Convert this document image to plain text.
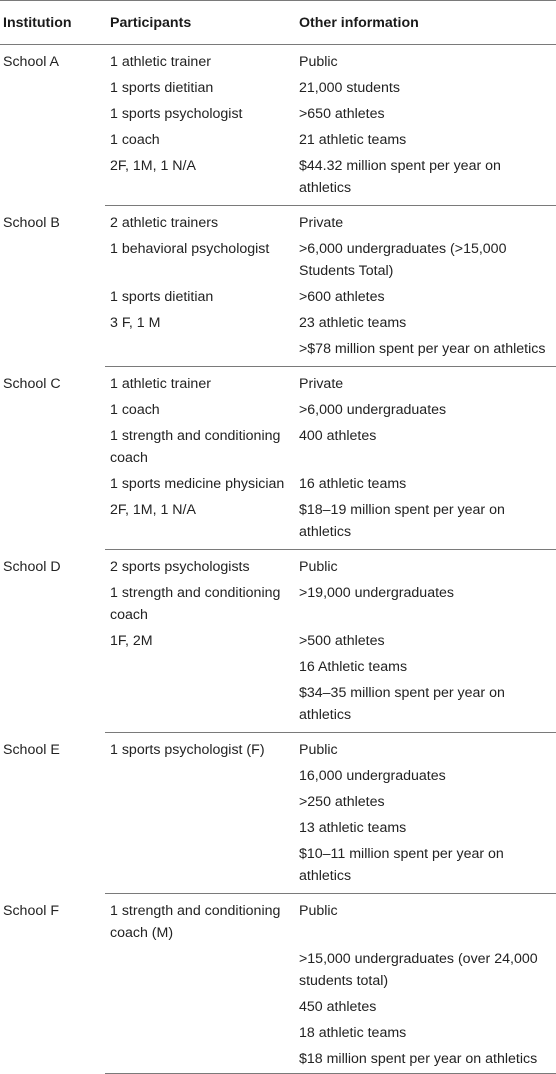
Institution	Participants	Other information
School A	1 athletic trainer	Public
	1 sports dietitian	21,000 students
	1 sports psychologist	>650 athletes
	1 coach	21 athletic teams
	2F, 1M, 1 N/A	$44.32 million spent per year on athletics
School B	2 athletic trainers	Private
	1 behavioral psychologist	>6,000 undergraduates (>15,000 Students Total)
	1 sports dietitian	>600 athletes
	3 F, 1 M	23 athletic teams
		>$78 million spent per year on athletics
School C	1 athletic trainer	Private
	1 coach	>6,000 undergraduates
	1 strength and conditioning coach	400 athletes
	1 sports medicine physician	16 athletic teams
	2F, 1M, 1 N/A	$18–19 million spent per year on athletics
School D	2 sports psychologists	Public
	1 strength and conditioning coach	>19,000 undergraduates
	1F, 2M	>500 athletes
		16 Athletic teams
		$34–35 million spent per year on athletics
School E	1 sports psychologist (F)	Public
		16,000 undergraduates
		>250 athletes
		13 athletic teams
		$10–11 million spent per year on athletics
School F	1 strength and conditioning coach (M)	Public
		>15,000 undergraduates (over 24,000 students total)
		450 athletes
		18 athletic teams
		$18 million spent per year on athletics
